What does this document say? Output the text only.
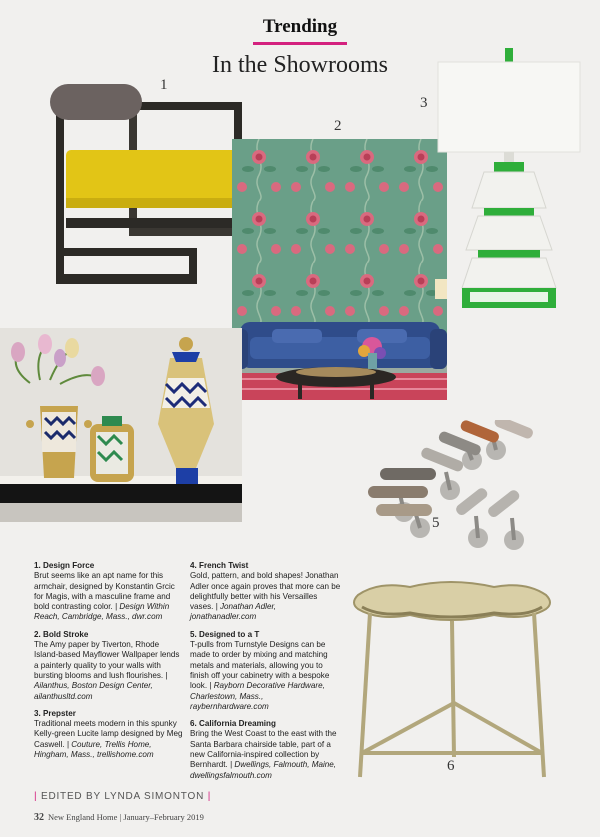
Trending
In the Showrooms
1
2
3
5
6
1. Design Force
Brut seems like an apt name for this armchair, designed by Konstantin Grcic for Magis, with a masculine frame and bold contrasting color. | Design Within Reach, Cambridge, Mass., dwr.com
2. Bold Stroke
The Amy paper by Tiverton, Rhode Island-based Mayflower Wallpaper lends a painterly quality to your walls with bursting blooms and lush flourishes. | Ailanthus, Boston Design Center, ailanthusltd.com
3. Prepster
Traditional meets modern in this spunky Kelly-green Lucite lamp designed by Meg Caswell. | Couture, Trellis Home, Hingham, Mass., trellishome.com
4. French Twist
Gold, pattern, and bold shapes! Jonathan Adler once again proves that more can be delightfully better with his Versailles vases. | Jonathan Adler, jonathanadler.com
5. Designed to a T
T-pulls from Turnstyle Designs can be made to order by mixing and matching metals and materials, allowing you to finish off your cabinetry with a bespoke look. | Rayborn Decorative Hardware, Charlestown, Mass., raybernhardware.com
6. California Dreaming
Bring the West Coast to the east with the Santa Barbara chairside table, part of a new California-inspired collection by Bernhardt. | Dwellings, Falmouth, Maine, dwellingsfalmouth.com
| EDITED BY LYNDA SIMONTON |
32 New England Home | January–February 2019
